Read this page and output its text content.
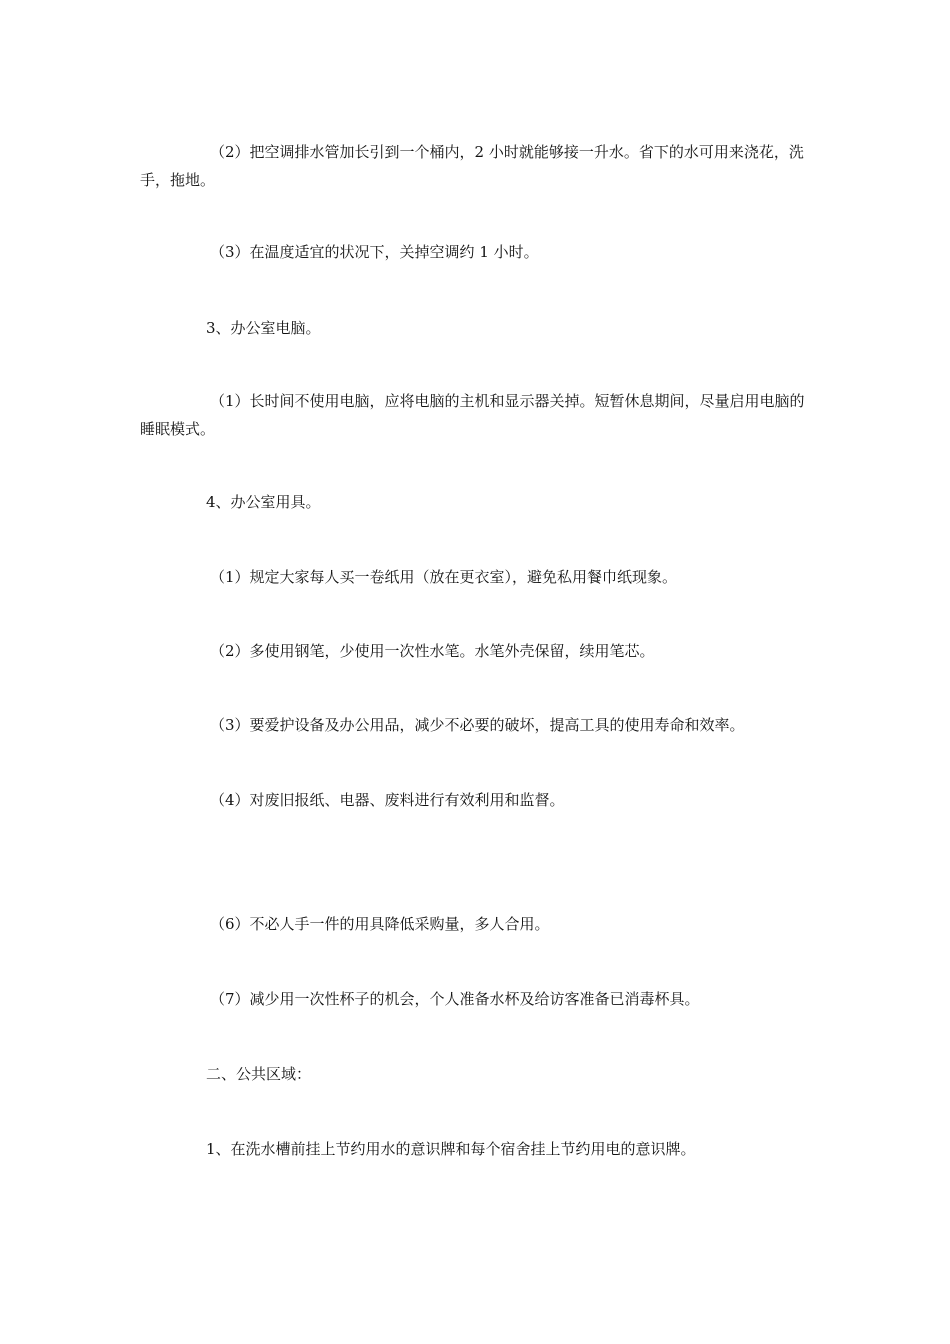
（2）把空调排水管加长引到一个桶内，2 小时就能够接一升水。省下的水可用来浇花，洗手，拖地。

（3）在温度适宜的状况下，关掉空调约 1 小时。

3、办公室电脑。

（1）长时间不使用电脑，应将电脑的主机和显示器关掉。短暂休息期间，尽量启用电脑的睡眠模式。

4、办公室用具。

（1）规定大家每人买一卷纸用（放在更衣室），避免私用餐巾纸现象。

（2）多使用钢笔，少使用一次性水笔。水笔外壳保留，续用笔芯。

（3）要爱护设备及办公用品，减少不必要的破坏，提高工具的使用寿命和效率。

（4）对废旧报纸、电器、废料进行有效利用和监督。

（6）不必人手一件的用具降低采购量，多人合用。

（7）减少用一次性杯子的机会，个人准备水杯及给访客准备已消毒杯具。

二、公共区域：

1、在洗水槽前挂上节约用水的意识牌和每个宿舍挂上节约用电的意识牌。
